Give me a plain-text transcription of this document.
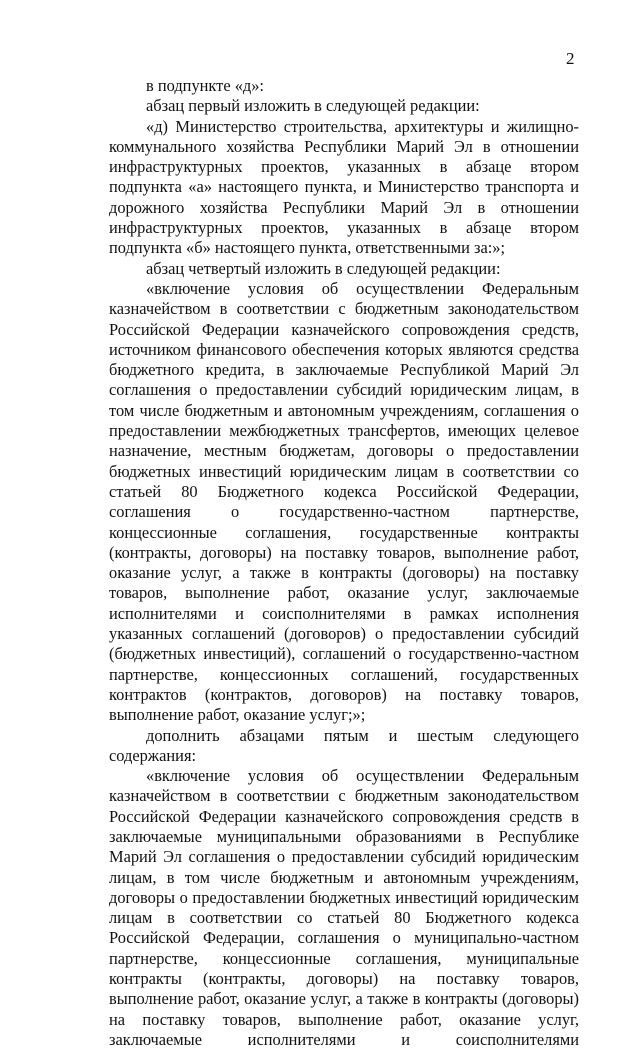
2

в подпункте «д»:

абзац первый изложить в следующей редакции:

«д) Министерство строительства, архитектуры и жилищно-коммунального хозяйства Республики Марий Эл в отношении инфраструктурных проектов, указанных в абзаце втором подпункта «а» настоящего пункта, и Министерство транспорта и дорожного хозяйства Республики Марий Эл в отношении инфраструктурных проектов, указанных в абзаце втором подпункта «б» настоящего пункта, ответственными за:»;

абзац четвертый изложить в следующей редакции:

«включение условия об осуществлении Федеральным казначейством в соответствии с бюджетным законодательством Российской Федерации казначейского сопровождения средств, источником финансового обеспечения которых являются средства бюджетного кредита, в заключаемые Республикой Марий Эл соглашения о предоставлении субсидий юридическим лицам, в том числе бюджетным и автономным учреждениям, соглашения о предоставлении межбюджетных трансфертов, имеющих целевое назначение, местным бюджетам, договоры о предоставлении бюджетных инвестиций юридическим лицам в соответствии со статьей 80 Бюджетного кодекса Российской Федерации, соглашения о государственно-частном партнерстве, концессионные соглашения, государственные контракты (контракты, договоры) на поставку товаров, выполнение работ, оказание услуг, а также в контракты (договоры) на поставку товаров, выполнение работ, оказание услуг, заключаемые исполнителями и соисполнителями в рамках исполнения указанных соглашений (договоров) о предоставлении субсидий (бюджетных инвестиций), соглашений о государственно-частном партнерстве, концессионных соглашений, государственных контрактов (контрактов, договоров) на поставку товаров, выполнение работ, оказание услуг;»;

дополнить абзацами пятым и шестым следующего содержания:

«включение условия об осуществлении Федеральным казначейством в соответствии с бюджетным законодательством Российской Федерации казначейского сопровождения средств в заключаемые муниципальными образованиями в Республике Марий Эл соглашения о предоставлении субсидий юридическим лицам, в том числе бюджетным и автономным учреждениям, договоры о предоставлении бюджетных инвестиций юридическим лицам в соответствии со статьей 80 Бюджетного кодекса Российской Федерации, соглашения о муниципально-частном партнерстве, концессионные соглашения, муниципальные контракты (контракты, договоры) на поставку товаров, выполнение работ, оказание услуг, а также в контракты (договоры) на поставку товаров, выполнение работ, оказание услуг, заключаемые исполнителями и соисполнителями
